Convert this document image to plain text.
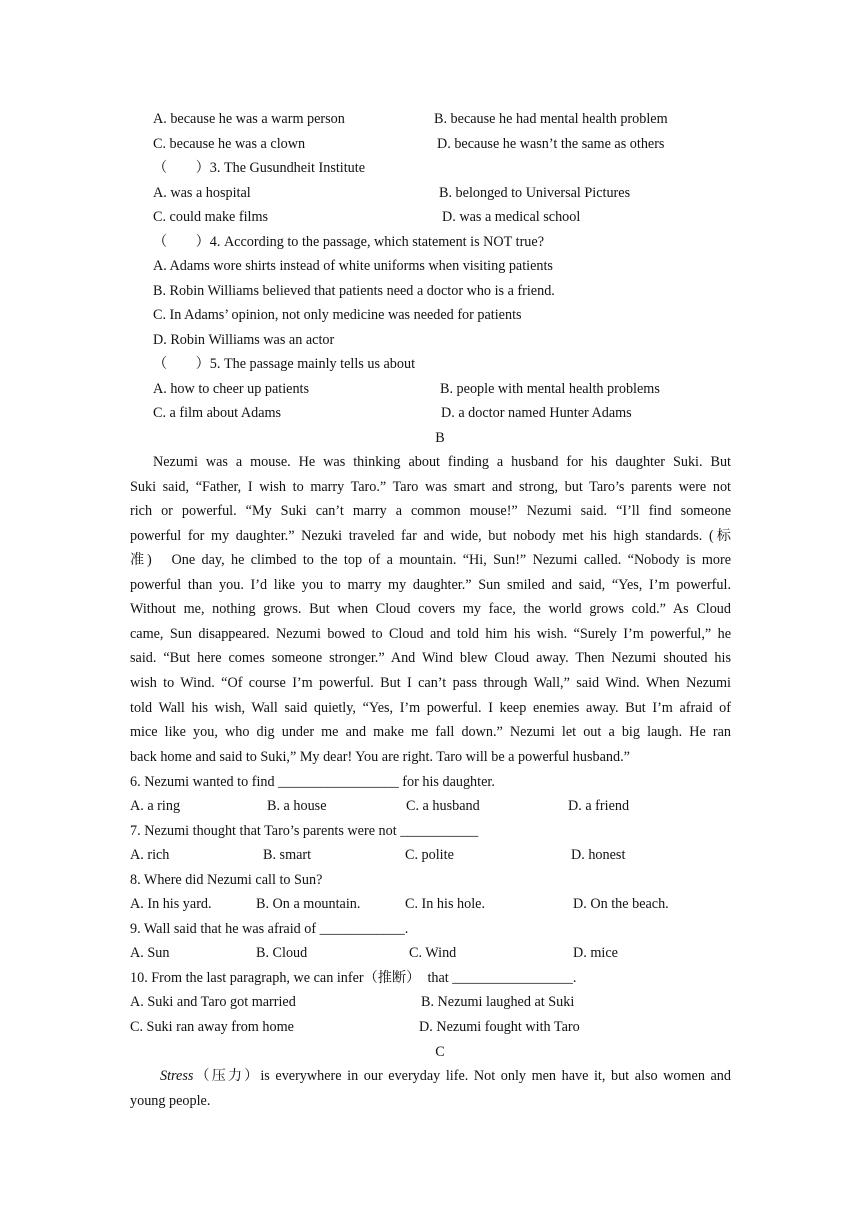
A. because he was a warm person	B. because he had mental health problem
C. because he was a clown	D. because he wasn’t the same as others
（　　）3. The Gusundheit Institute
A. was a hospital	B. belonged to Universal Pictures
C. could make films	D. was a medical school
（　　）4. According to the passage, which statement is NOT true?
A. Adams wore shirts instead of white uniforms when visiting patients
B. Robin Williams believed that patients need a doctor who is a friend.
C. In Adams’ opinion, not only medicine was needed for patients
D. Robin Williams was an actor
（　　）5. The passage mainly tells us about
A. how to cheer up patients	B. people with mental health problems
C. a film about Adams	D. a doctor named Hunter Adams
B
Nezumi was a mouse. He was thinking about finding a husband for his daughter Suki. But
Suki said, “Father, I wish to marry Taro.” Taro was smart and strong, but Taro’s parents were not
rich or powerful. “My Suki can’t marry a common mouse!” Nezumi said. “I’ll find someone
powerful for my daughter.” Nezuki traveled far and wide, but nobody met his high standards. (标
准)　One day, he climbed to the top of a mountain. “Hi, Sun!” Nezumi called. “Nobody is more
powerful than you. I’d like you to marry my daughter.” Sun smiled and said, “Yes, I’m powerful.
Without me, nothing grows. But when Cloud covers my face, the world grows cold.” As Cloud
came, Sun disappeared. Nezumi bowed to Cloud and told him his wish. “Surely I’m powerful,” he
said. “But here comes someone stronger.” And Wind blew Cloud away. Then Nezumi shouted his
wish to Wind. “Of course I’m powerful. But I can’t pass through Wall,” said Wind. When Nezumi
told Wall his wish, Wall said quietly, “Yes, I’m powerful. I keep enemies away. But I’m afraid of
mice like you, who dig under me and make me fall down.” Nezumi let out a big laugh. He ran
back home and said to Suki,” My dear! You are right. Taro will be a powerful husband.”
6. Nezumi wanted to find _________________ for his daughter.
A. a ring	B. a house	C. a husband	D. a friend
7. Nezumi thought that Taro’s parents were not ___________
A. rich	B. smart	C. polite	D. honest
8. Where did Nezumi call to Sun?
A. In his yard.	B. On a mountain.	C. In his hole.	D. On the beach.
9. Wall said that he was afraid of ____________.
A. Sun	B. Cloud	C. Wind	D. mice
10. From the last paragraph, we can infer（推断）　that _________________.
A. Suki and Taro got married	B. Nezumi laughed at Suki
C. Suki ran away from home	D. Nezumi fought with Taro
C
Stress（压力）is everywhere in our everyday life. Not only men have it, but also women and
young people.
